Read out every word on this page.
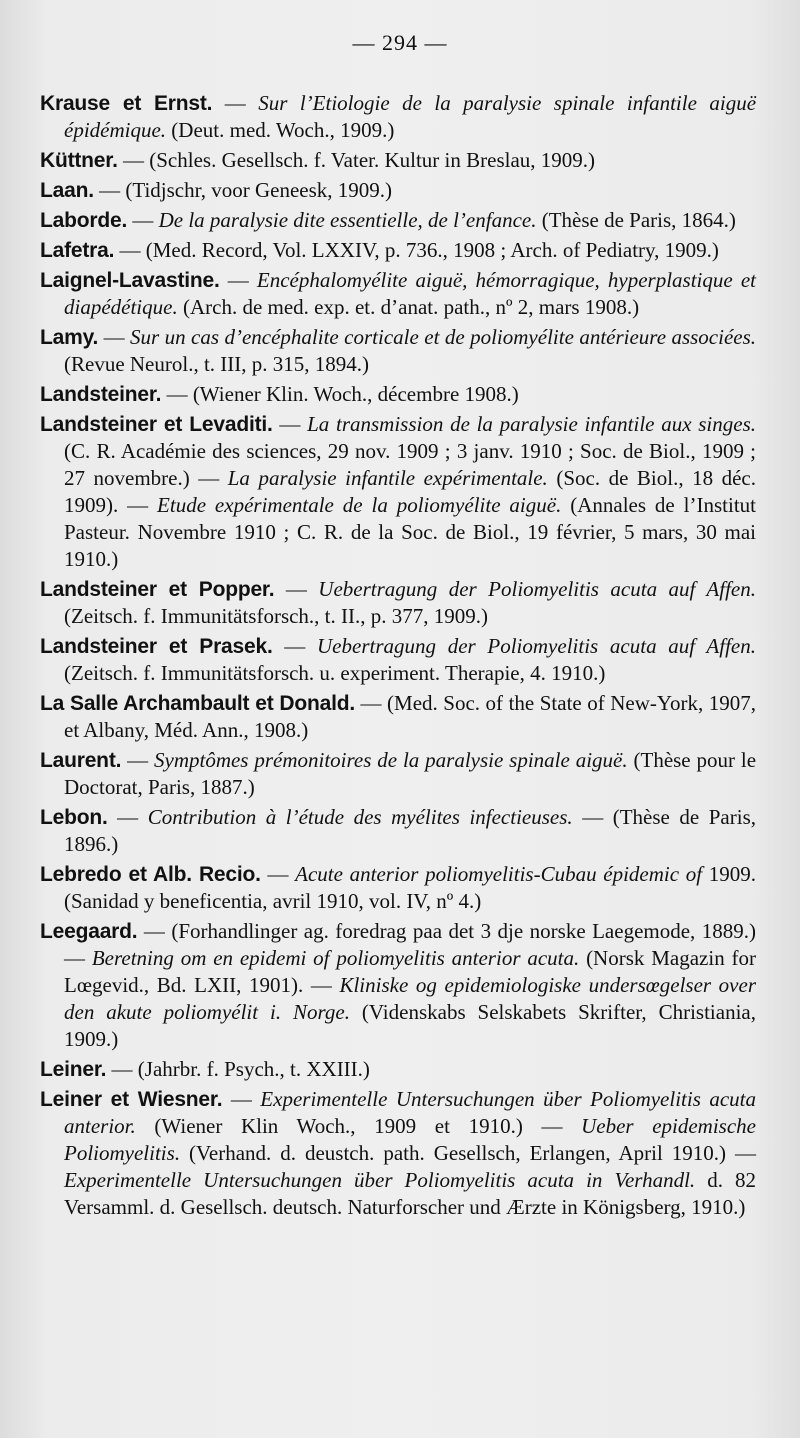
— 294 —
Krause et Ernst. — Sur l’Etiologie de la paralysie spinale infantile aiguë épidémique. (Deut. med. Woch., 1909.)
Küttner. — (Schles. Gesellsch. f. Vater. Kultur in Breslau, 1909.)
Laan. — (Tidjschr, voor Geneesk, 1909.)
Laborde. — De la paralysie dite essentielle, de l’enfance. (Thèse de Paris, 1864.)
Lafetra. — (Med. Record, Vol. LXXIV, p. 736., 1908 ; Arch. of Pediatry, 1909.)
Laignel-Lavastine. — Encéphalomyélite aiguë, hémorragique, hyperplastique et diapédétique. (Arch. de med. exp. et. d’anat. path., nº 2, mars 1908.)
Lamy. — Sur un cas d’encéphalite corticale et de poliomyélite antérieure associées. (Revue Neurol., t. III, p. 315, 1894.)
Landsteiner. — (Wiener Klin. Woch., décembre 1908.)
Landsteiner et Levaditi. — La transmission de la paralysie infantile aux singes. (C. R. Académie des sciences, 29 nov. 1909 ; 3 janv. 1910 ; Soc. de Biol., 1909 ; 27 novembre.) — La paralysie infantile expérimentale. (Soc. de Biol., 18 déc. 1909). — Etude expérimentale de la poliomyélite aiguë. (Annales de l’Institut Pasteur. Novembre 1910 ; C. R. de la Soc. de Biol., 19 février, 5 mars, 30 mai 1910.)
Landsteiner et Popper. — Uebertragung der Poliomyelitis acuta auf Affen. (Zeitsch. f. Immunitätsforsch., t. II., p. 377, 1909.)
Landsteiner et Prasek. — Uebertragung der Poliomyelitis acuta auf Affen. (Zeitsch. f. Immunitätsforsch. u. experiment. Therapie, 4. 1910.)
La Salle Archambault et Donald. — (Med. Soc. of the State of New-York, 1907, et Albany, Méd. Ann., 1908.)
Laurent. — Symptômes prémonitoires de la paralysie spinale aiguë. (Thèse pour le Doctorat, Paris, 1887.)
Lebon. — Contribution à l’étude des myélites infectieuses. — (Thèse de Paris, 1896.)
Lebredo et Alb. Recio. — Acute anterior poliomyelitis-Cubau épidemic of 1909. (Sanidad y beneficentia, avril 1910, vol. IV, nº 4.)
Leegaard. — (Forhandlinger ag. foredrag paa det 3 dje norske Laegemode, 1889.) — Beretning om en epidemi of poliomyelitis anterior acuta. (Norsk Magazin for Lœgevid., Bd. LXII, 1901). — Kliniske og epidemiologiske undersœgelser over den akute poliomyélit i. Norge. (Videnskabs Selskabets Skrifter, Christiania, 1909.)
Leiner. — (Jahrbr. f. Psych., t. XXIII.)
Leiner et Wiesner. — Experimentelle Untersuchungen über Poliomyelitis acuta anterior. (Wiener Klin Woch., 1909 et 1910.) — Ueber epidemische Poliomyelitis. (Verhand. d. deustch. path. Gesellsch, Erlangen, April 1910.) — Experimentelle Untersuchungen über Poliomyelitis acuta in Verhandl. d. 82 Versamml. d. Gesellsch. deutsch. Naturforscher und Ærzte in Königsberg, 1910.)
